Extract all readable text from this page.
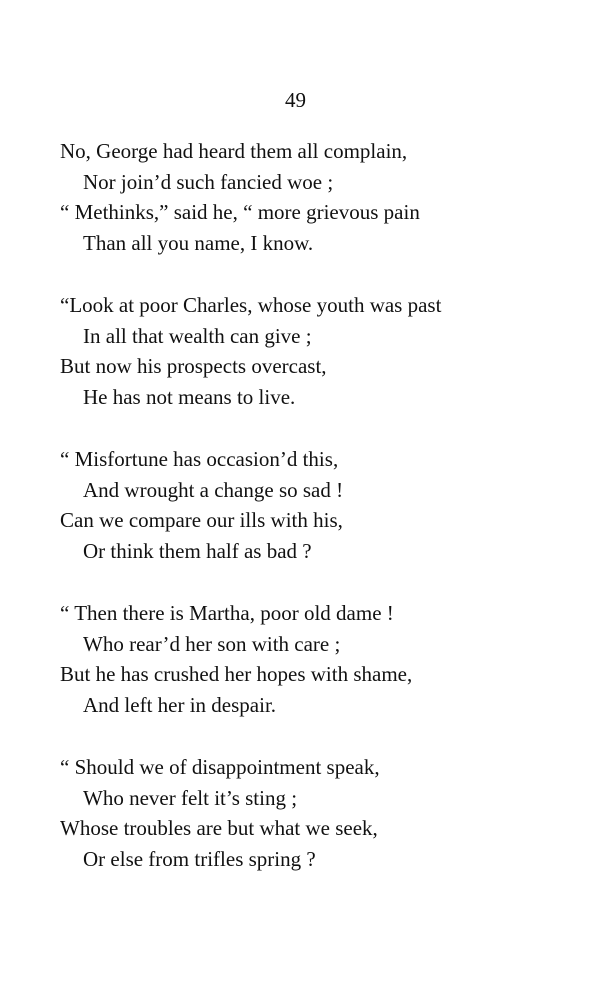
49
No, George had heard them all complain,
Nor join’d such fancied woe ;
“ Methinks,” said he, “ more grievous pain
Than all you name, I know.
“Look at poor Charles, whose youth was past
In all that wealth can give ;
But now his prospects overcast,
He has not means to live.
“ Misfortune has occasion’d this,
And wrought a change so sad !
Can we compare our ills with his,
Or think them half as bad ?
“ Then there is Martha, poor old dame !
Who rear’d her son with care ;
But he has crushed her hopes with shame,
And left her in despair.
“ Should we of disappointment speak,
Who never felt it’s sting ;
Whose troubles are but what we seek,
Or else from trifles spring ?
